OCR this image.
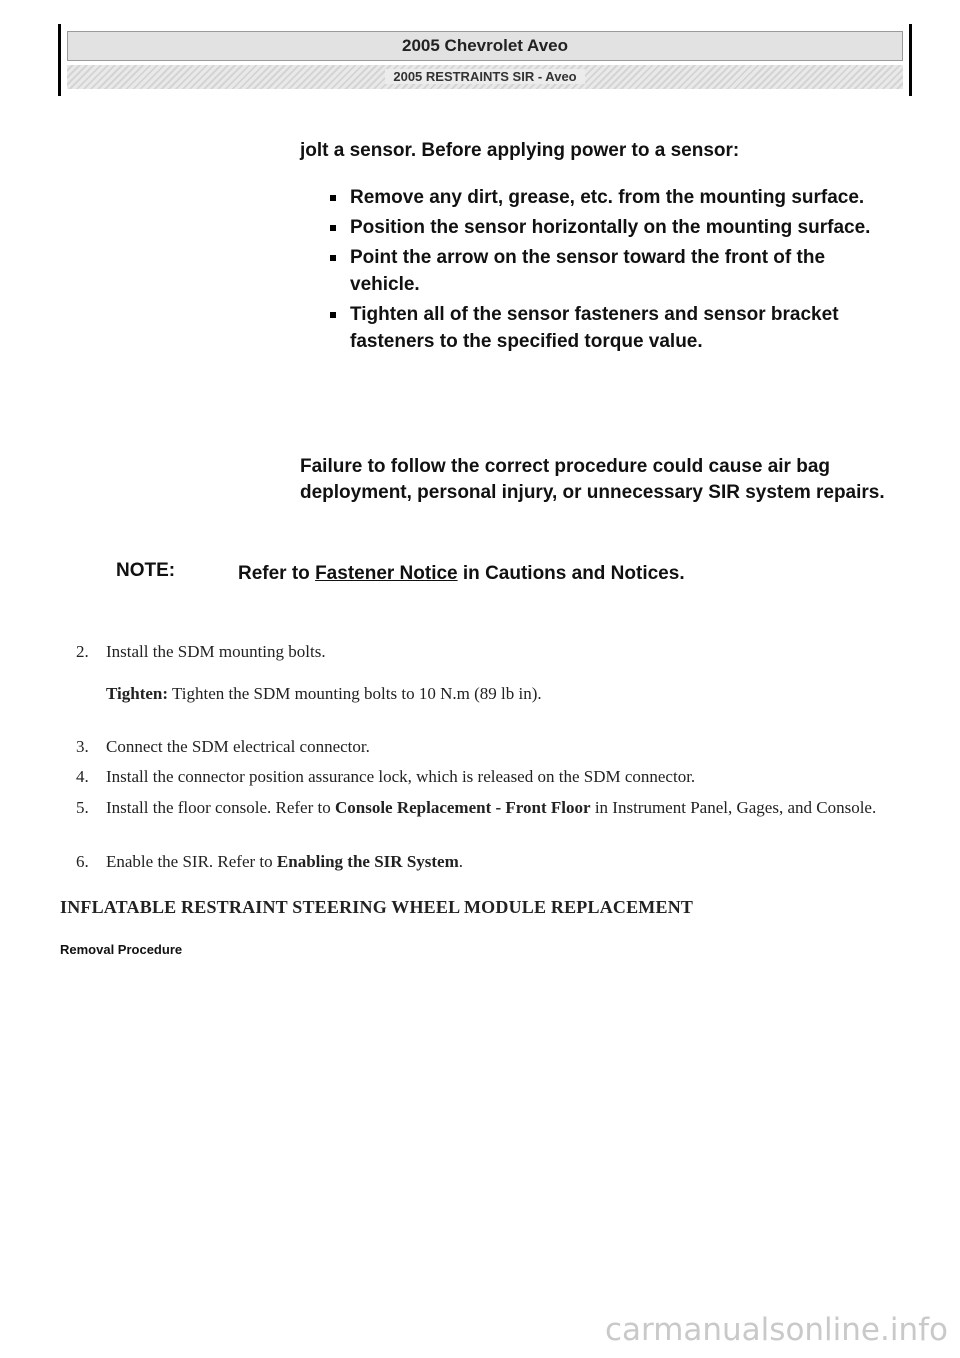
2005 Chevrolet Aveo
2005 RESTRAINTS SIR - Aveo
jolt a sensor. Before applying power to a sensor:
Remove any dirt, grease, etc. from the mounting surface.
Position the sensor horizontally on the mounting surface.
Point the arrow on the sensor toward the front of the vehicle.
Tighten all of the sensor fasteners and sensor bracket fasteners to the specified torque value.
Failure to follow the correct procedure could cause air bag deployment, personal injury, or unnecessary SIR system repairs.
NOTE:	Refer to Fastener Notice in Cautions and Notices.
2. Install the SDM mounting bolts.
Tighten: Tighten the SDM mounting bolts to 10 N.m (89 lb in).
3. Connect the SDM electrical connector.
4. Install the connector position assurance lock, which is released on the SDM connector.
5. Install the floor console. Refer to Console Replacement - Front Floor in Instrument Panel, Gages, and Console.
6. Enable the SIR. Refer to Enabling the SIR System.
INFLATABLE RESTRAINT STEERING WHEEL MODULE REPLACEMENT
Removal Procedure
carmanualsonline.info
